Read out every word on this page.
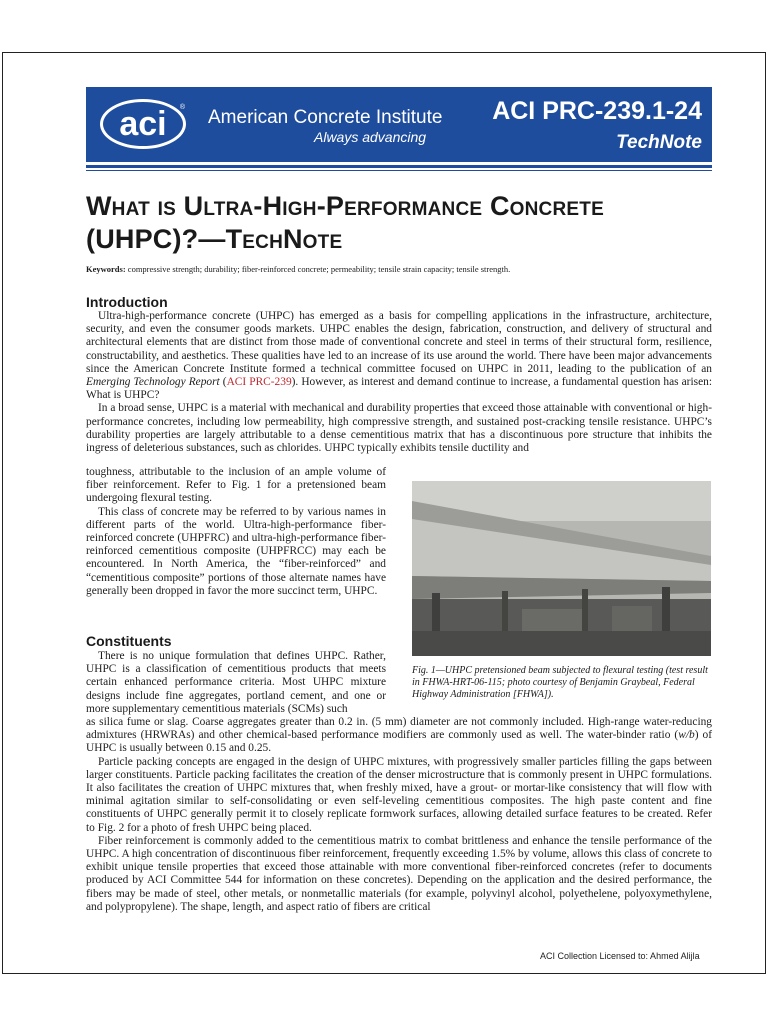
aci	® American Concrete Institute
Always advancing
ACI PRC-239.1-24
TechNote
What is Ultra-High-Performance Concrete
(UHPC)?—TechNote
Keywords: compressive strength; durability; fiber-reinforced concrete; permeability; tensile strain capacity; tensile strength.
Introduction

Ultra-high-performance concrete (UHPC) has emerged as a basis for compelling applications in the infrastructure, architecture, security, and even the consumer goods markets. UHPC enables the design, fabrication, construction, and delivery of structural and architectural elements that are distinct from those made of conventional concrete and steel in terms of their structural form, resilience, constructability, and aesthetics. These qualities have led to an increase of its use around the world. There have been major advancements since the American Concrete Institute formed a technical committee focused on UHPC in 2011, leading to the publication of an Emerging Technology Report (ACI PRC-239). However, as interest and demand continue to increase, a fundamental question has arisen: What is UHPC?

In a broad sense, UHPC is a material with mechanical and durability properties that exceed those attainable with conventional or high-performance concretes, including low permeability, high compressive strength, and sustained post-cracking tensile resistance. UHPC’s durability properties are largely attributable to a dense cementitious matrix that has a discontinuous pore structure that inhibits the ingress of deleterious substances, such as chlorides. UHPC typically exhibits tensile ductility and

toughness, attributable to the inclusion of an ample volume of fiber reinforcement. Refer to Fig. 1 for a pretensioned beam undergoing flexural testing.

This class of concrete may be referred to by various names in different parts of the world. Ultra-high-performance fiber-reinforced concrete (UHPFRC) and ultra-high-performance fiber-reinforced cementitious composite (UHPFRCC) may each be encountered. In North America, the “fiber-reinforced” and “cementitious composite” portions of those alternate names have generally been dropped in favor the more succinct term, UHPC.

Fig. 1—UHPC pretensioned beam subjected to flexural testing (test result in FHWA-HRT-06-115; photo courtesy of Benjamin Graybeal, Federal Highway Administration [FHWA]).
Constituents

There is no unique formulation that defines UHPC. Rather, UHPC is a classification of cementitious products that meets certain enhanced performance criteria. Most UHPC mixture designs include fine aggregates, portland cement, and one or more supplementary cementitious materials (SCMs) such

as silica fume or slag. Coarse aggregates greater than 0.2 in. (5 mm) diameter are not commonly included. High-range water-reducing admixtures (HRWRAs) and other chemical-based performance modifiers are commonly used as well. The water-binder ratio (w/b) of UHPC is usually between 0.15 and 0.25.

Particle packing concepts are engaged in the design of UHPC mixtures, with progressively smaller particles filling the gaps between larger constituents. Particle packing facilitates the creation of the denser microstructure that is commonly present in UHPC formulations. It also facilitates the creation of UHPC mixtures that, when freshly mixed, have a grout- or mortar-like consistency that will flow with minimal agitation similar to self-consolidating or even self-leveling cementitious composites. The high paste content and fine constituents of UHPC generally permit it to closely replicate formwork surfaces, allowing detailed surface features to be created. Refer to Fig. 2 for a photo of fresh UHPC being placed.

Fiber reinforcement is commonly added to the cementitious matrix to combat brittleness and enhance the tensile performance of the UHPC. A high concentration of discontinuous fiber reinforcement, frequently exceeding 1.5% by volume, allows this class of concrete to exhibit unique tensile properties that exceed those attainable with more conventional fiber-reinforced concretes (refer to documents produced by ACI Committee 544 for information on these concretes). Depending on the application and the desired performance, the fibers may be made of steel, other metals, or nonmetallic materials (for example, polyvinyl alcohol, polyethelene, polyoxymethylene, and polypropylene). The shape, length, and aspect ratio of fibers are critical

ACI Collection Licensed to: Ahmed Alijla
